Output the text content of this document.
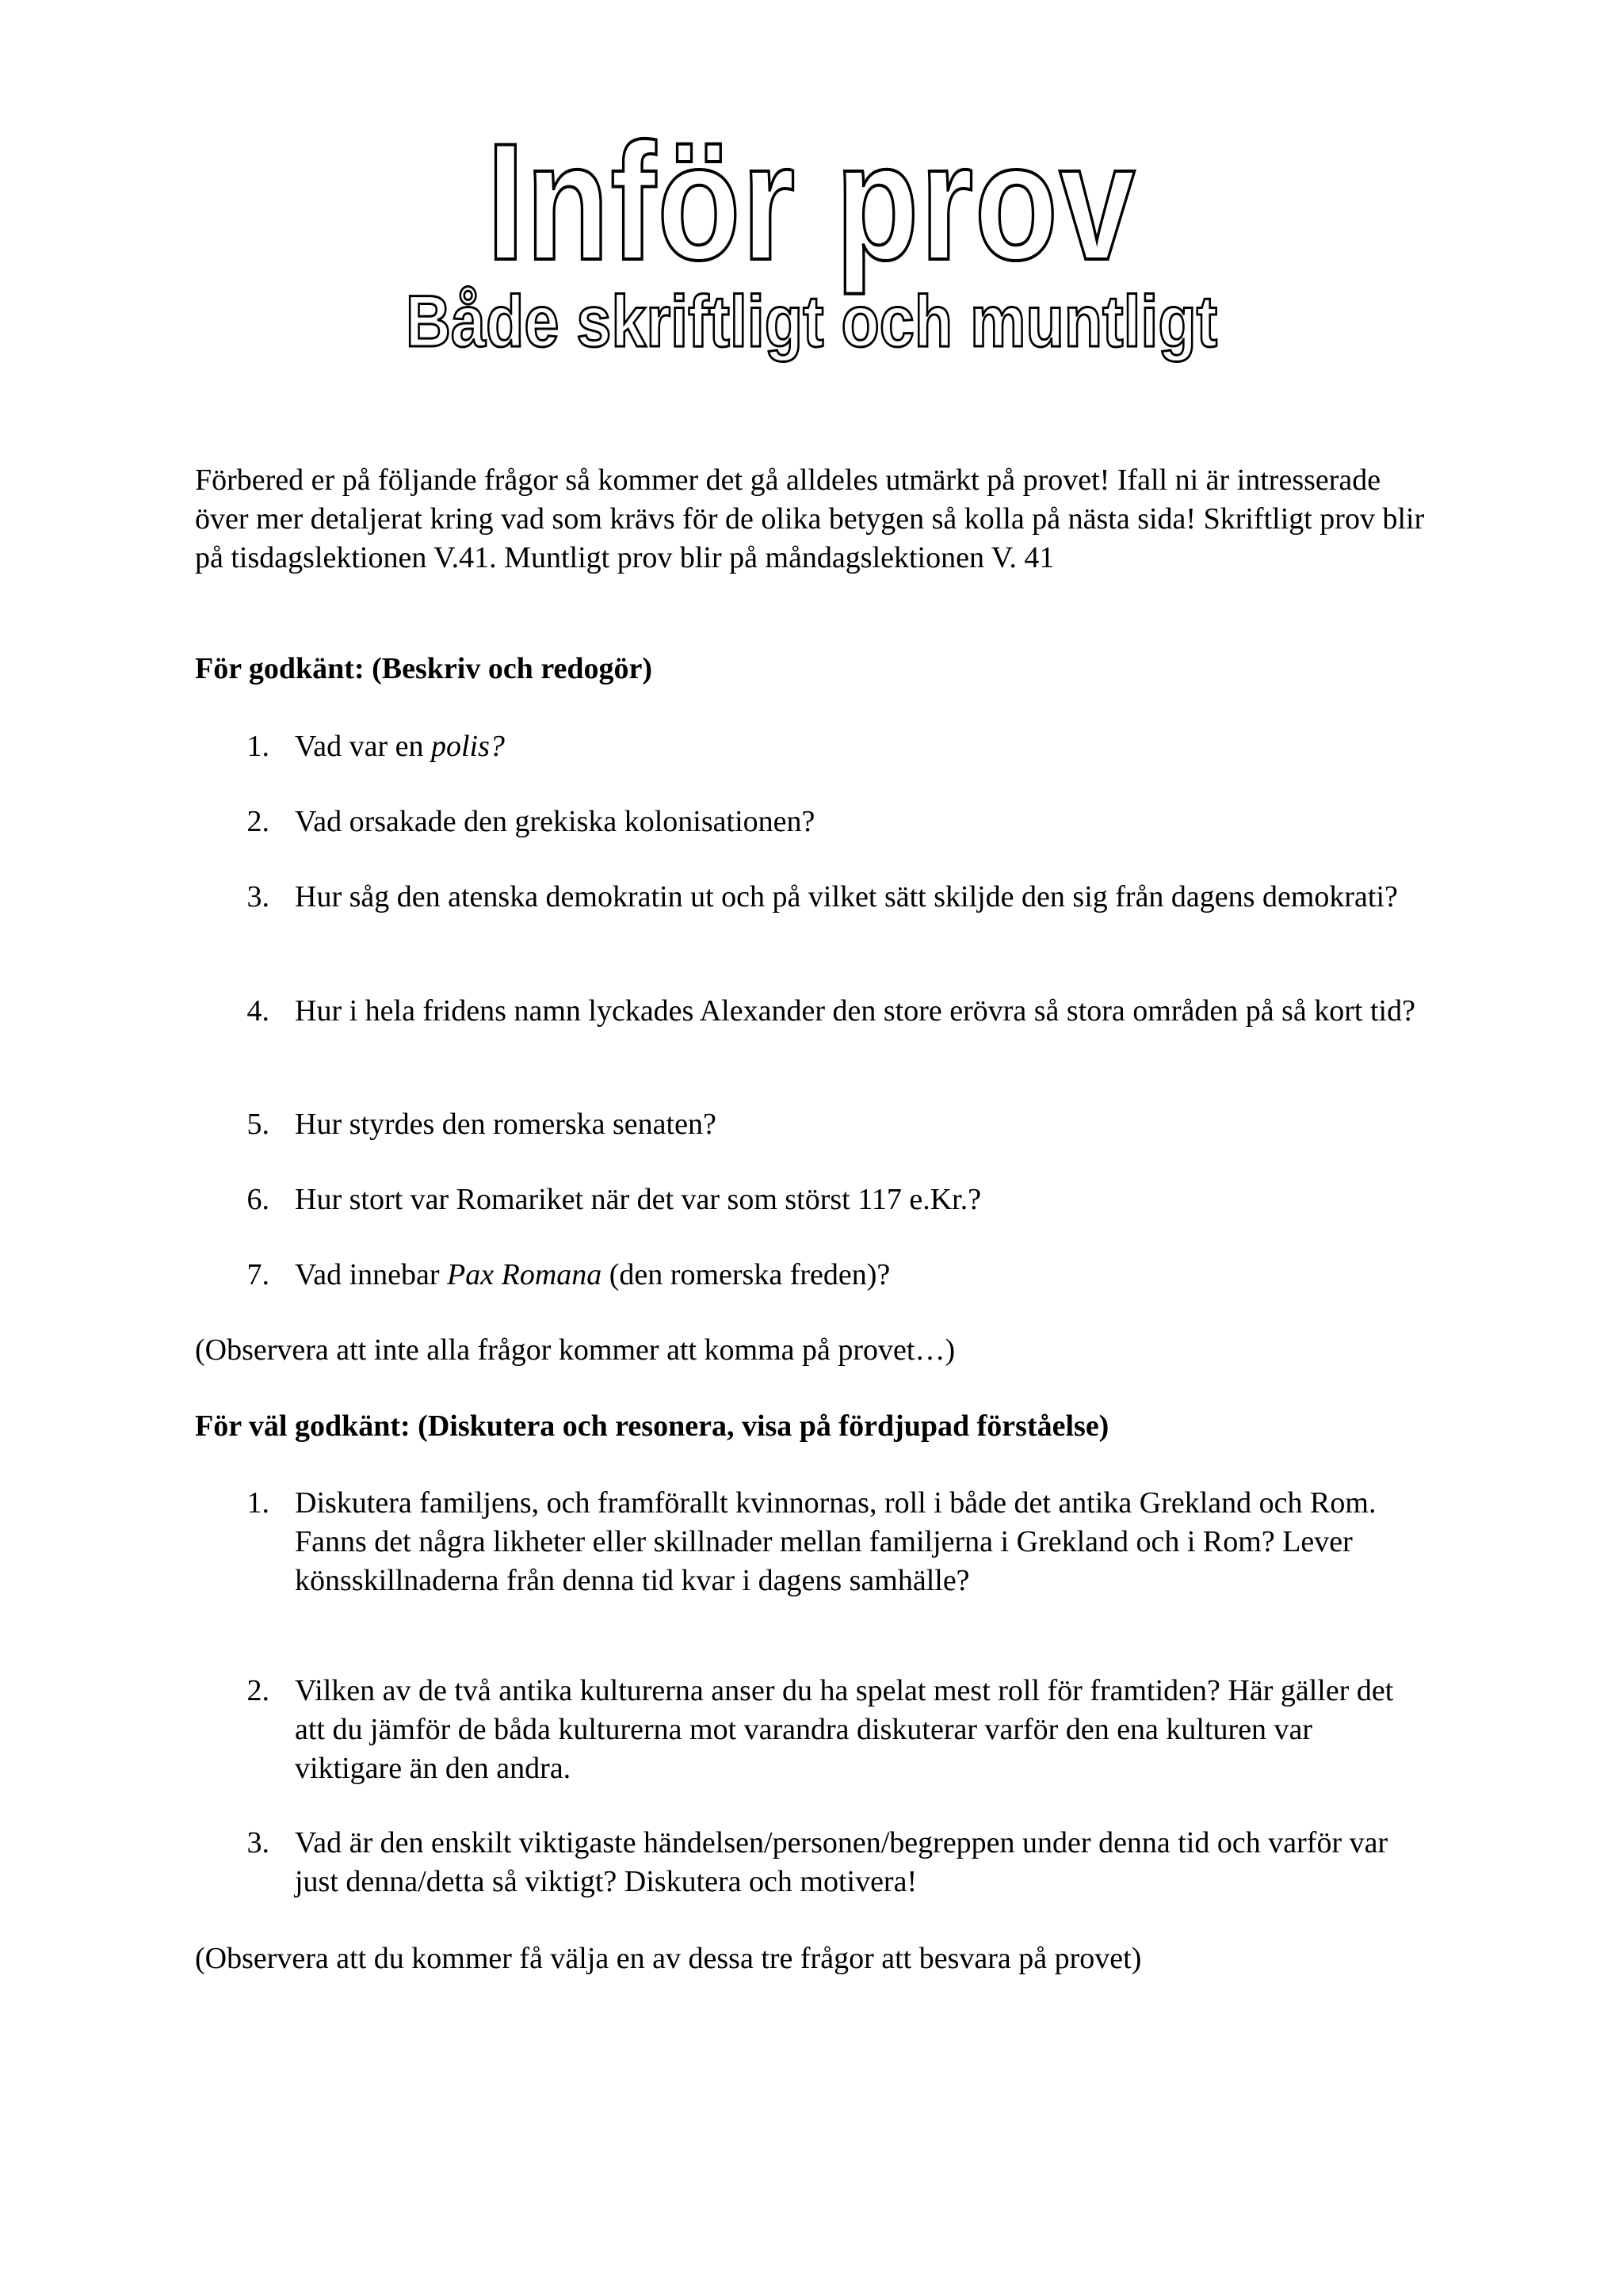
Inför prov
Både skriftligt och muntligt
Förbered er på följande frågor så kommer det gå alldeles utmärkt på provet! Ifall ni är intresserade över mer detaljerat kring vad som krävs för de olika betygen så kolla på nästa sida! Skriftligt prov blir på tisdagslektionen V.41. Muntligt prov blir på måndagslektionen V. 41
För godkänt: (Beskriv och redogör)
1. Vad var en polis?
2. Vad orsakade den grekiska kolonisationen?
3. Hur såg den atenska demokratin ut och på vilket sätt skiljde den sig från dagens demokrati?
4. Hur i hela fridens namn lyckades Alexander den store erövra så stora områden på så kort tid?
5. Hur styrdes den romerska senaten?
6. Hur stort var Romariket när det var som störst 117 e.Kr.?
7. Vad innebar Pax Romana (den romerska freden)?
(Observera att inte alla frågor kommer att komma på provet…)
För väl godkänt: (Diskutera och resonera, visa på fördjupad förståelse)
1. Diskutera familjens, och framförallt kvinnornas, roll i både det antika Grekland och Rom. Fanns det några likheter eller skillnader mellan familjerna i Grekland och i Rom? Lever könsskillnaderna från denna tid kvar i dagens samhälle?
2. Vilken av de två antika kulturerna anser du ha spelat mest roll för framtiden? Här gäller det att du jämför de båda kulturerna mot varandra diskuterar varför den ena kulturen var viktigare än den andra.
3. Vad är den enskilt viktigaste händelsen/personen/begreppen under denna tid och varför var just denna/detta så viktigt? Diskutera och motivera!
(Observera att du kommer få välja en av dessa tre frågor att besvara på provet)
